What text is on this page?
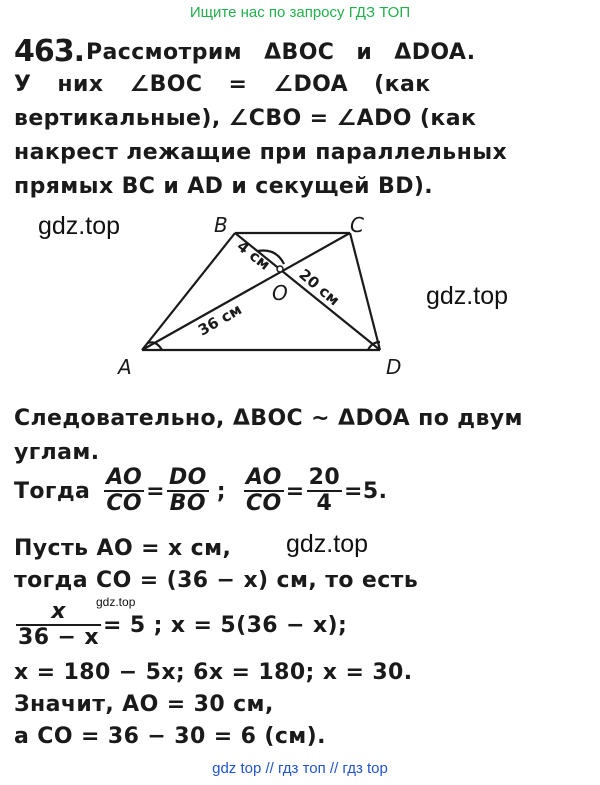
Ищите нас по запросу ГДЗ ТОП
463. Рассмотрим ΔBOC и ΔDOA.
У них ∠BOC = ∠DOA (как
вертикальные), ∠CBO = ∠ADO (как
накрест лежащие при параллельных
прямых BC и AD и секущей BD).
B	C
A	D
O
4 см
20 см
36 см
gdz.top
gdz.top
Следовательно, ΔBOC ~ ΔDOA по двум
углам.
Тогда $\frac{AO}{CO} = \frac{DO}{BO}$ ; $\frac{AO}{CO} = \frac{20}{4} =5$.
Пусть AO = x см, gdz.top
тогда CO = (36 − x) см, то есть
gdz.top
$\frac{x}{36 - x} = 5$ ; x = 5(36 − x);
x = 180 − 5x; 6x = 180; x = 30.
Значит, AO = 30 см,
а CO = 36 − 30 = 6 (см).
gdz top // гдз топ // гдз top
